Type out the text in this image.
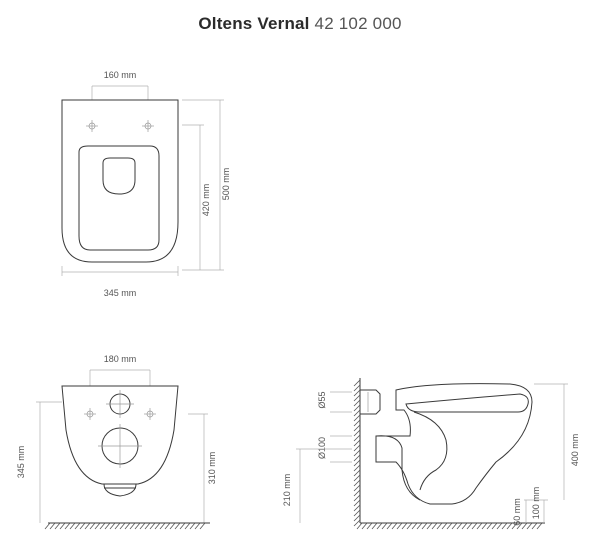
Oltens Vernal 42 102 000
160 mm
420 mm 500 mm
345 mm
180 mm
345 mm	310 mm
Ø55
Ø100
210 mm
60 mm 100 mm
400 mm
